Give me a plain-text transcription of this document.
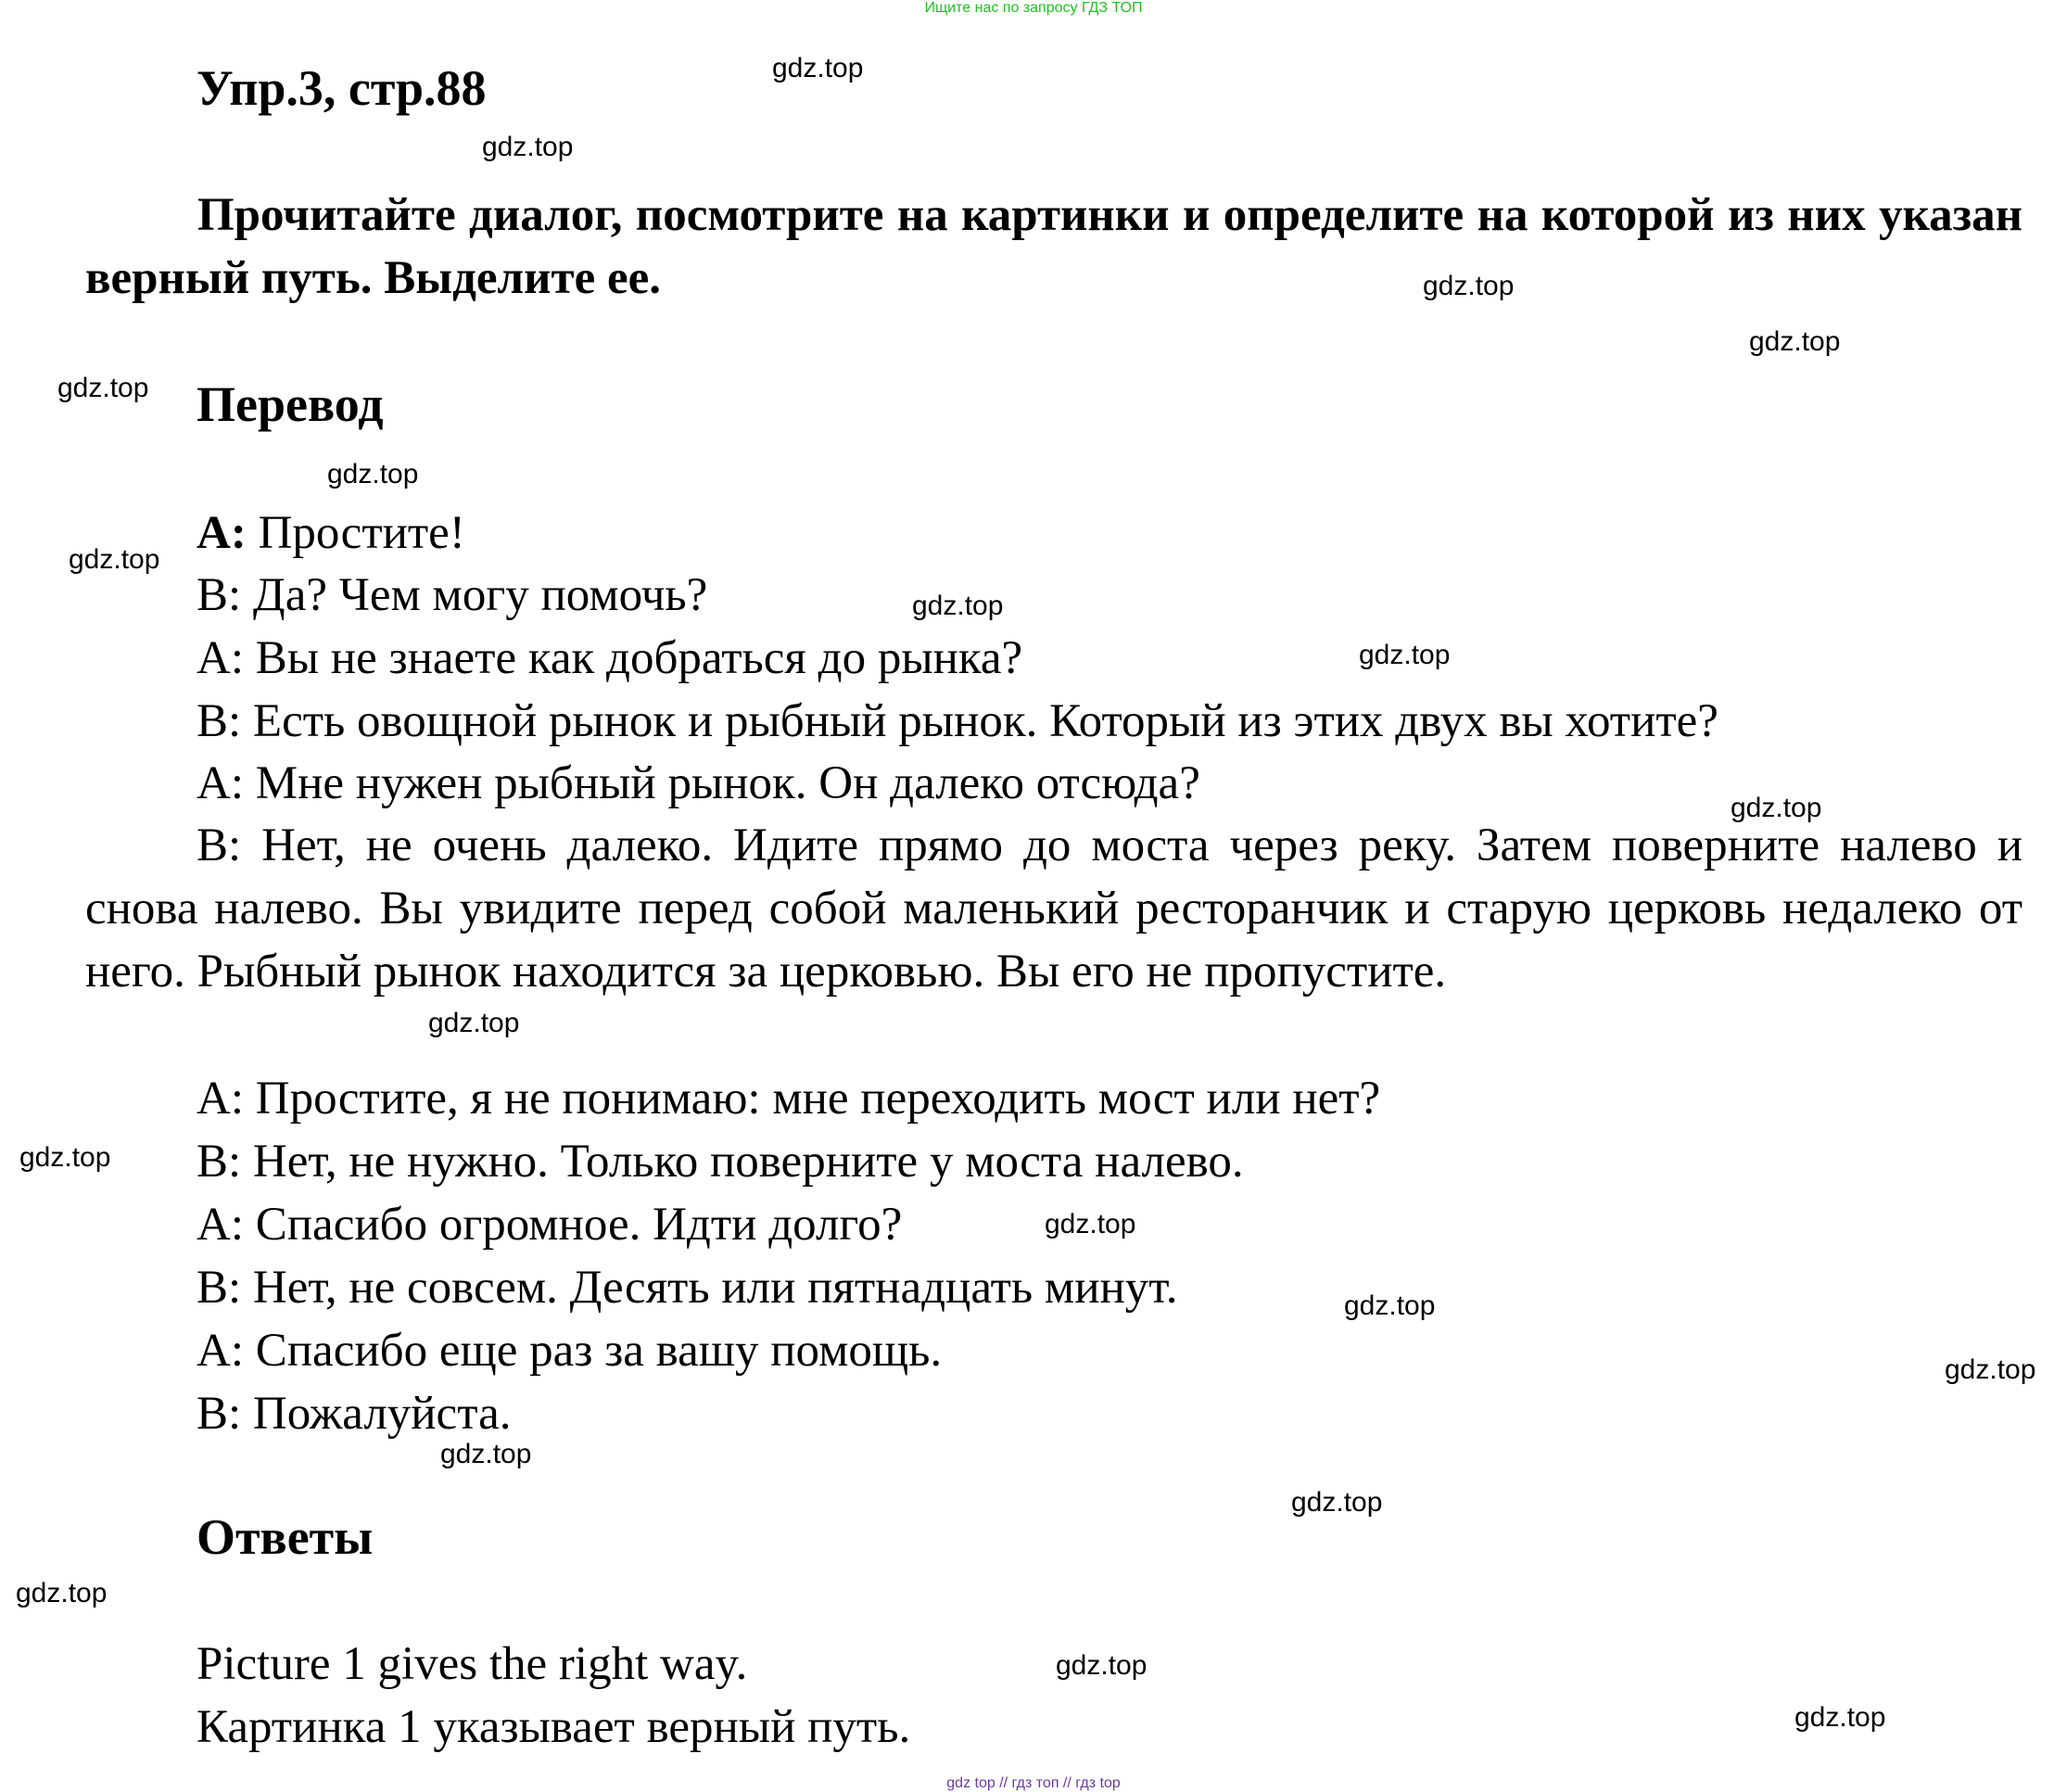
Ищите нас по запросу ГДЗ ТОП
Упр.3, стр.88
Прочитайте диалог, посмотрите на картинки и определите на которой из них указан верный путь. Выделите ее.
Перевод
А: Простите!
В: Да? Чем могу помочь?
А: Вы не знаете как добраться до рынка?
В: Есть овощной рынок и рыбный рынок. Который из этих двух вы хотите?
А: Мне нужен рыбный рынок. Он далеко отсюда?
В: Нет, не очень далеко. Идите прямо до моста через реку. Затем поверните налево и снова налево. Вы увидите перед собой маленький ресторанчик и старую церковь недалеко от него. Рыбный рынок находится за церковью. Вы его не пропустите.
А: Простите, я не понимаю: мне переходить мост или нет?
В: Нет, не нужно. Только поверните у моста налево.
А: Спасибо огромное. Идти долго?
В: Нет, не совсем. Десять или пятнадцать минут.
А: Спасибо еще раз за вашу помощь.
В: Пожалуйста.
Ответы
Picture 1 gives the right way.
Картинка 1 указывает верный путь.
gdz.top
gdz.top
gdz.top
gdz.top
gdz.top
gdz.top
gdz.top
gdz.top
gdz.top
gdz.top
gdz.top
gdz.top
gdz.top
gdz.top
gdz.top
gdz.top
gdz.top
gdz.top
gdz.top
gdz.top
gdz top // гдз топ // гдз top
